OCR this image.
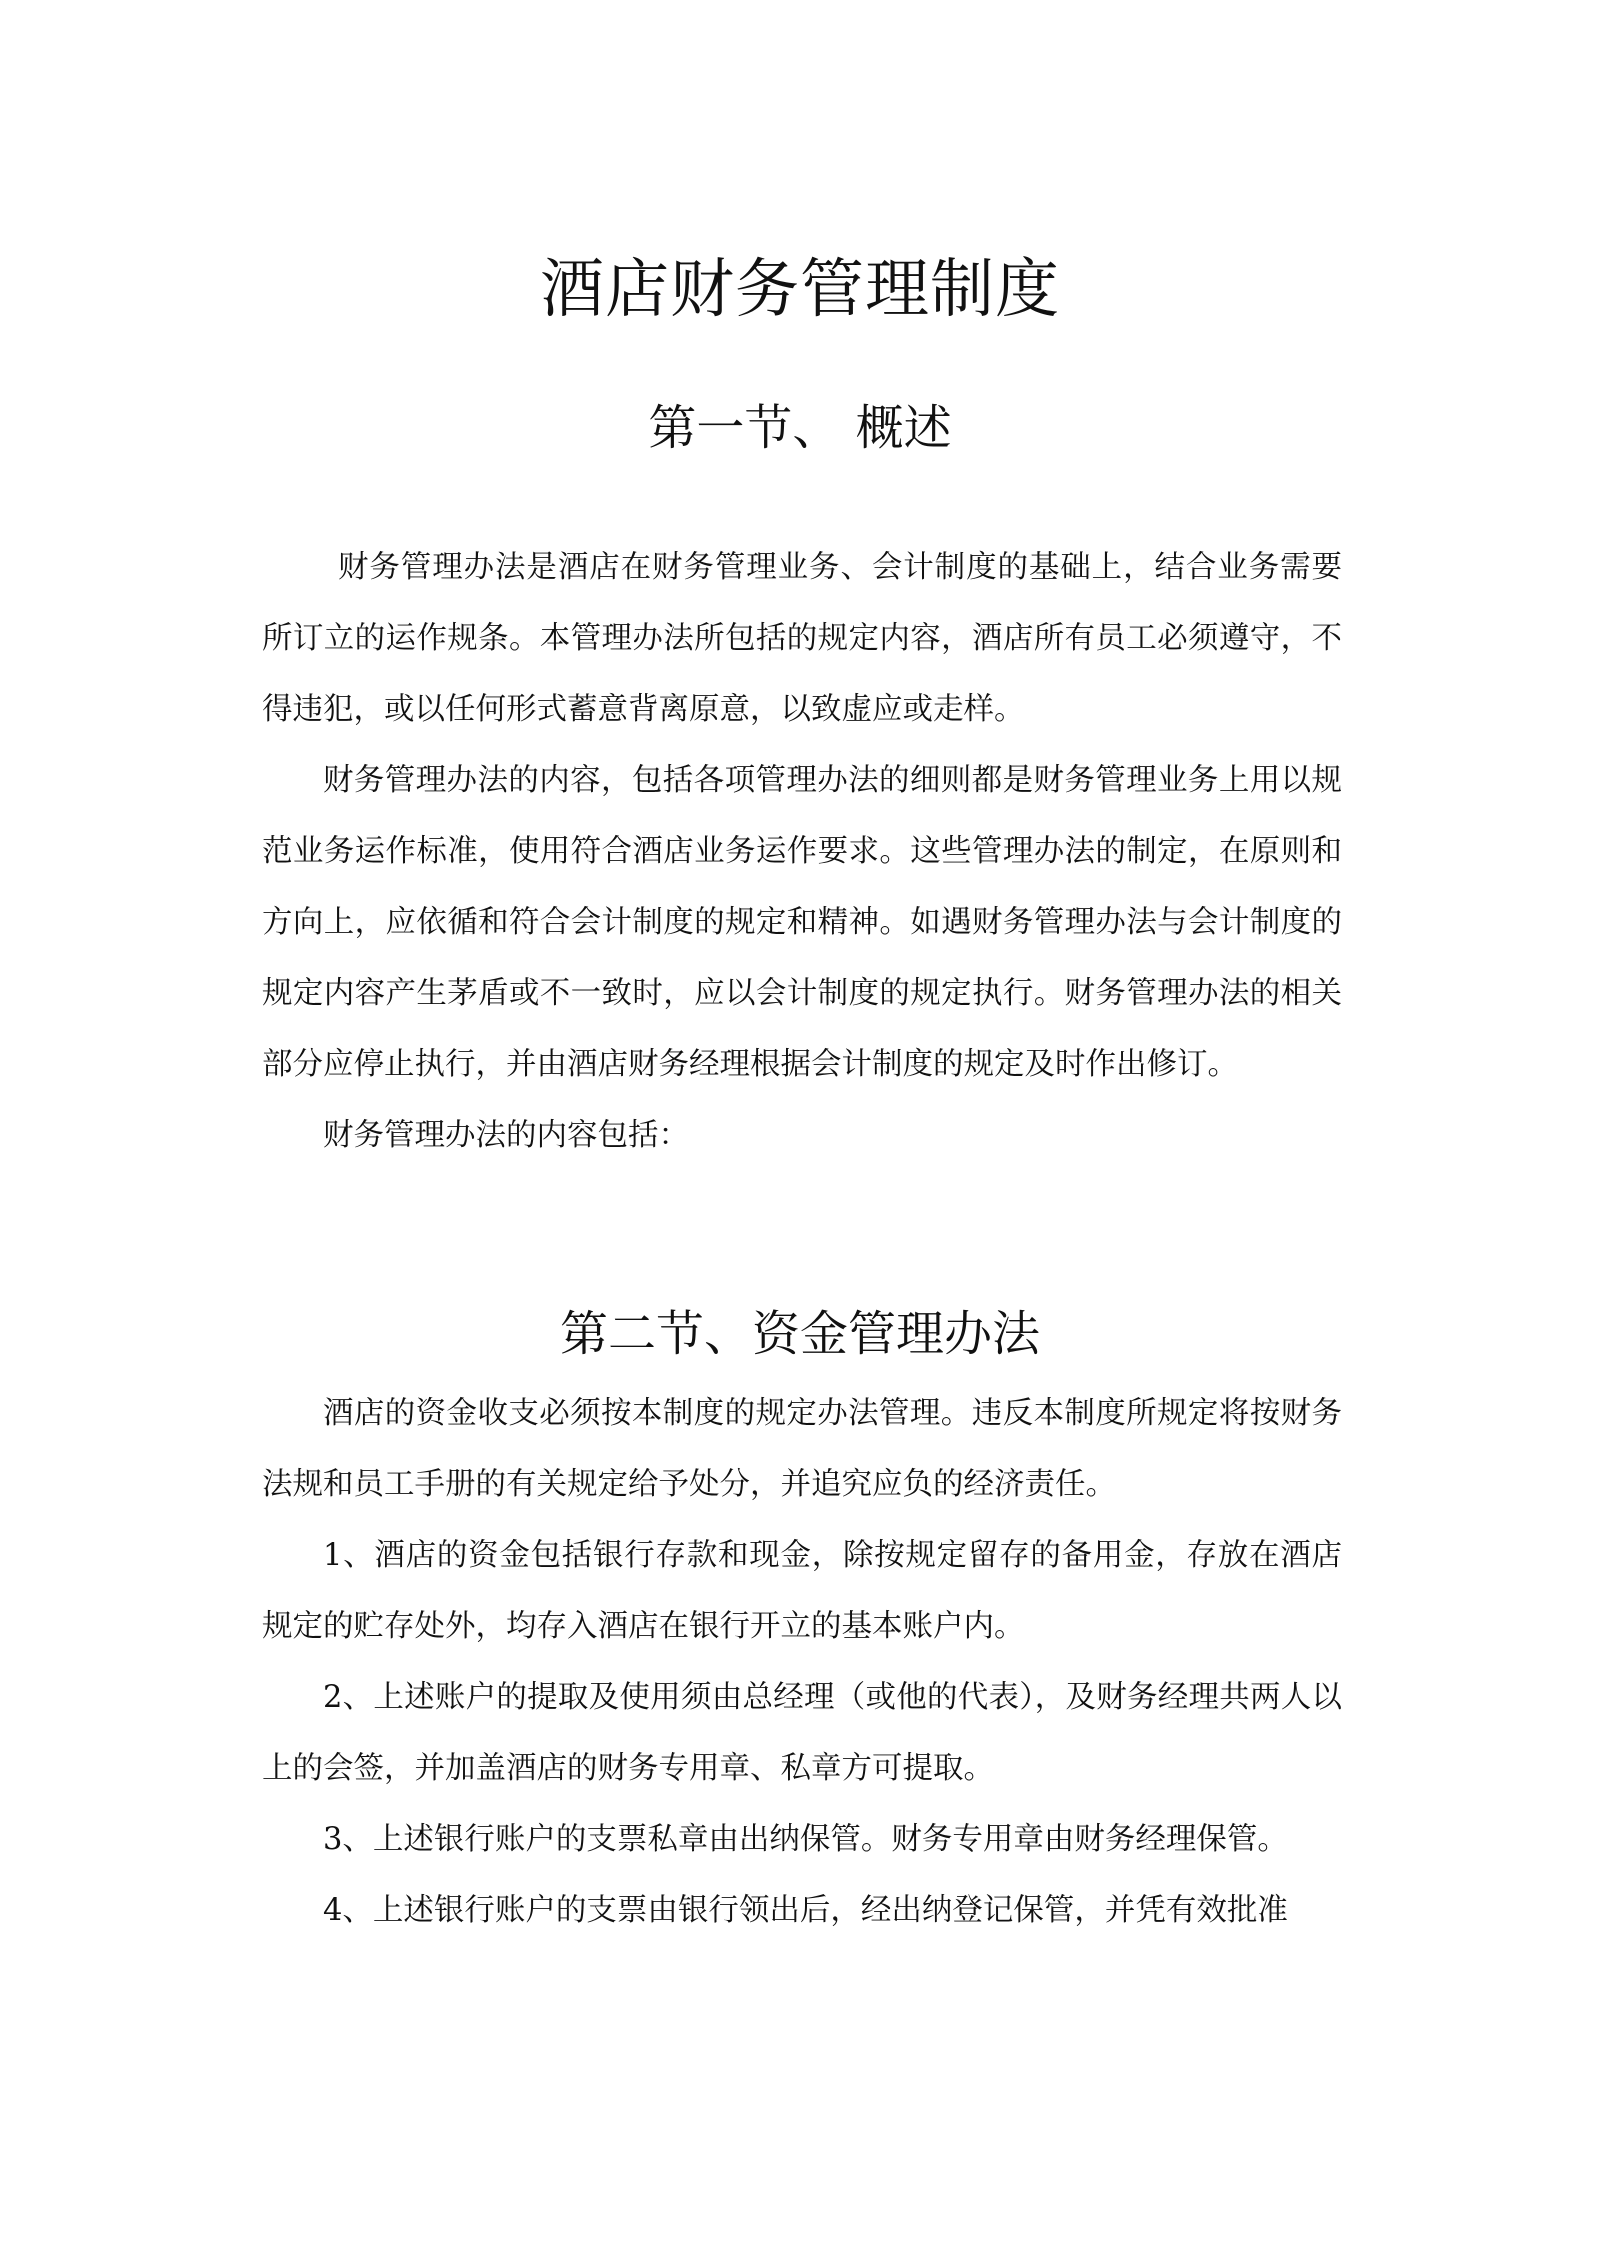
酒店财务管理制度
第一节、 概述

财务管理办法是酒店在财务管理业务、会计制度的基础上，结合业务需要所订立的运作规条。本管理办法所包括的规定内容，酒店所有员工必须遵守，不得违犯，或以任何形式蓄意背离原意，以致虚应或走样。

财务管理办法的内容，包括各项管理办法的细则都是财务管理业务上用以规范业务运作标准，使用符合酒店业务运作要求。这些管理办法的制定，在原则和方向上，应依循和符合会计制度的规定和精神。如遇财务管理办法与会计制度的规定内容产生茅盾或不一致时，应以会计制度的规定执行。财务管理办法的相关部分应停止执行，并由酒店财务经理根据会计制度的规定及时作出修订。

财务管理办法的内容包括：

第二节、资金管理办法

酒店的资金收支必须按本制度的规定办法管理。违反本制度所规定将按财务法规和员工手册的有关规定给予处分，并追究应负的经济责任。

1、酒店的资金包括银行存款和现金，除按规定留存的备用金，存放在酒店规定的贮存处外，均存入酒店在银行开立的基本账户内。

2、上述账户的提取及使用须由总经理（或他的代表），及财务经理共两人以上的会签，并加盖酒店的财务专用章、私章方可提取。

3、上述银行账户的支票私章由出纳保管。财务专用章由财务经理保管。

4、上述银行账户的支票由银行领出后，经出纳登记保管，并凭有效批准
